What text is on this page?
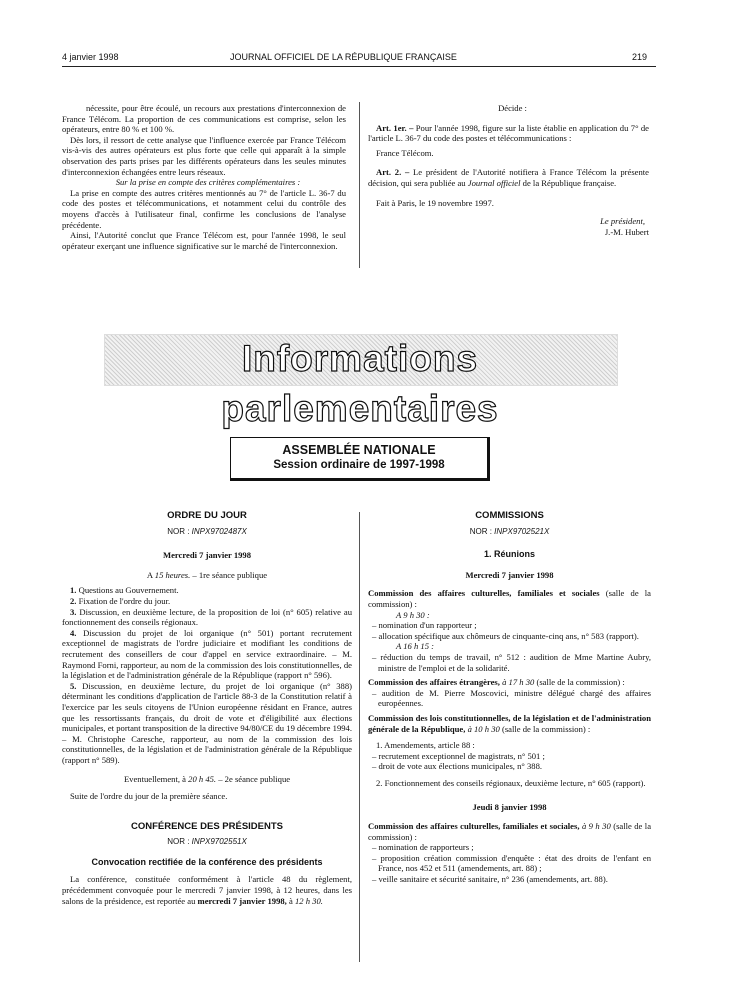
4 janvier 1998	JOURNAL OFFICIEL DE LA RÉPUBLIQUE FRANÇAISE	219

nécessite, pour être écoulé, un recours aux prestations d'interconnexion de France Télécom. La proportion de ces communications est comprise, selon les opérateurs, entre 80 % et 100 %.

Dès lors, il ressort de cette analyse que l'influence exercée par France Télécom vis-à-vis des autres opérateurs est plus forte que celle qui apparaît à la simple observation des parts prises par les différents opérateurs dans les seules minutes d'interconnexion échangées entre leurs réseaux.

Sur la prise en compte des critères complémentaires :

La prise en compte des autres critères mentionnés au 7° de l'article L. 36-7 du code des postes et télécommunications, et notamment celui du contrôle des moyens d'accès à l'utilisateur final, confirme les conclusions de l'analyse précédente.

Ainsi, l'Autorité conclut que France Télécom est, pour l'année 1998, le seul opérateur exerçant une influence significative sur le marché de l'interconnexion.

Décide :

Art. 1er. – Pour l'année 1998, figure sur la liste établie en application du 7° de l'article L. 36-7 du code des postes et télécommunications :

France Télécom.

Art. 2. – Le président de l'Autorité notifiera à France Télécom la présente décision, qui sera publiée au Journal officiel de la République française.

Fait à Paris, le 19 novembre 1997.

Le président,

J.-M. Hubert

Informations parlementaires
ASSEMBLÉE NATIONALE
Session ordinaire de 1997-1998
ORDRE DU JOUR
NOR : INPX9702487X
Mercredi 7 janvier 1998
A 15 heures. – 1re séance publique

1. Questions au Gouvernement.

2. Fixation de l'ordre du jour.

3. Discussion, en deuxième lecture, de la proposition de loi (n° 605) relative au fonctionnement des conseils régionaux.

4. Discussion du projet de loi organique (n° 501) portant recrutement exceptionnel de magistrats de l'ordre judiciaire et modifiant les conditions de recrutement des conseillers de cour d'appel en service extraordinaire. – M. Raymond Forni, rapporteur, au nom de la commission des lois constitutionnelles, de la législation et de l'administration générale de la République (rapport n° 596).

5. Discussion, en deuxième lecture, du projet de loi organique (n° 388) déterminant les conditions d'application de l'article 88-3 de la Constitution relatif à l'exercice par les seuls citoyens de l'Union européenne résidant en France, autres que les ressortissants français, du droit de vote et d'éligibilité aux élections municipales, et portant transposition de la directive 94/80/CE du 19 décembre 1994. – M. Christophe Caresche, rapporteur, au nom de la commission des lois constitutionnelles, de la législation et de l'administration générale de la République (rapport n° 589).

Eventuellement, à 20 h 45. – 2e séance publique

Suite de l'ordre du jour de la première séance.

CONFÉRENCE DES PRÉSIDENTS
NOR : INPX9702551X
Convocation rectifiée de la conférence des présidents

La conférence, constituée conformément à l'article 48 du règlement, précédemment convoquée pour le mercredi 7 janvier 1998, à 12 heures, dans les salons de la présidence, est reportée au mercredi 7 janvier 1998, à 12 h 30.

COMMISSIONS
NOR : INPX9702521X
1. Réunions
Mercredi 7 janvier 1998

Commission des affaires culturelles, familiales et sociales (salle de la commission) :

A 9 h 30 :
– nomination d'un rapporteur ;
– allocation spécifique aux chômeurs de cinquante-cinq ans, n° 583 (rapport).
A 16 h 15 :
– réduction du temps de travail, n° 512 : audition de Mme Martine Aubry, ministre de l'emploi et de la solidarité.

Commission des affaires étrangères, à 17 h 30 (salle de la commission) :

– audition de M. Pierre Moscovici, ministre délégué chargé des affaires européennes.

Commission des lois constitutionnelles, de la législation et de l'administration générale de la République, à 10 h 30 (salle de la commission) :

1. Amendements, article 88 :

– recrutement exceptionnel de magistrats, n° 501 ;
– droit de vote aux élections municipales, n° 388.

2. Fonctionnement des conseils régionaux, deuxième lecture, n° 605 (rapport).

Jeudi 8 janvier 1998

Commission des affaires culturelles, familiales et sociales, à 9 h 30 (salle de la commission) :

– nomination de rapporteurs ;
– proposition création commission d'enquête : état des droits de l'enfant en France, nos 452 et 511 (amendements, art. 88) ;
– veille sanitaire et sécurité sanitaire, n° 236 (amendements, art. 88).
